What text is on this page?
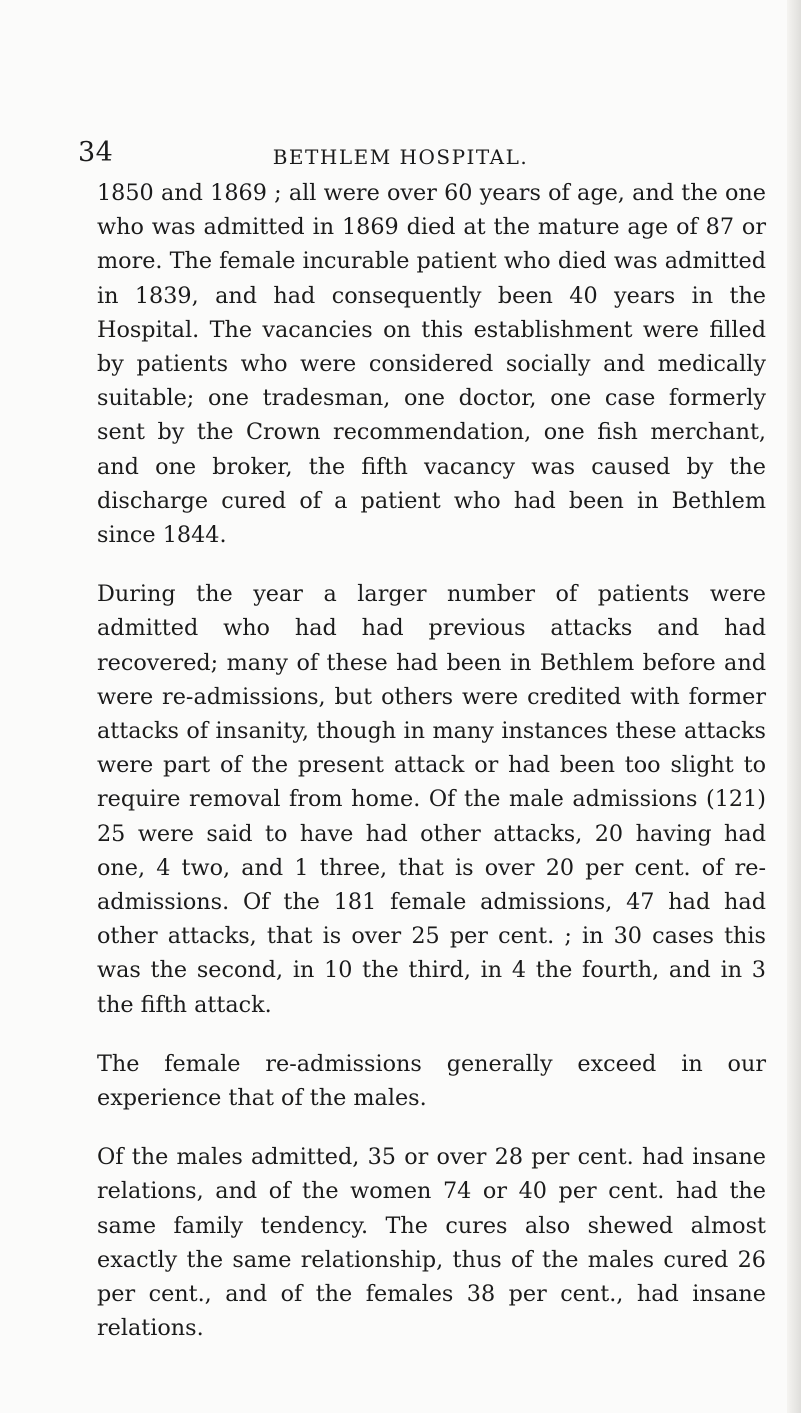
34	BETHLEM HOSPITAL.

1850 and 1869 ; all were over 60 years of age, and the one who was admitted in 1869 died at the mature age of 87 or more. The female incurable patient who died was admitted in 1839, and had consequently been 40 years in the Hospital. The vacancies on this establishment were filled by patients who were considered socially and medically suitable; one tradesman, one doctor, one case formerly sent by the Crown recommendation, one fish merchant, and one broker, the fifth vacancy was caused by the discharge cured of a patient who had been in Bethlem since 1844.

During the year a larger number of patients were admitted who had had previous attacks and had recovered; many of these had been in Bethlem before and were re-admissions, but others were credited with former attacks of insanity, though in many instances these attacks were part of the present attack or had been too slight to require removal from home. Of the male admissions (121) 25 were said to have had other attacks, 20 having had one, 4 two, and 1 three, that is over 20 per cent. of re-admissions. Of the 181 female admissions, 47 had had other attacks, that is over 25 per cent. ; in 30 cases this was the second, in 10 the third, in 4 the fourth, and in 3 the fifth attack.

The female re-admissions generally exceed in our experience that of the males.

Of the males admitted, 35 or over 28 per cent. had insane relations, and of the women 74 or 40 per cent. had the same family tendency. The cures also shewed almost exactly the same relationship, thus of the males cured 26 per cent., and of the females 38 per cent., had insane relations.
